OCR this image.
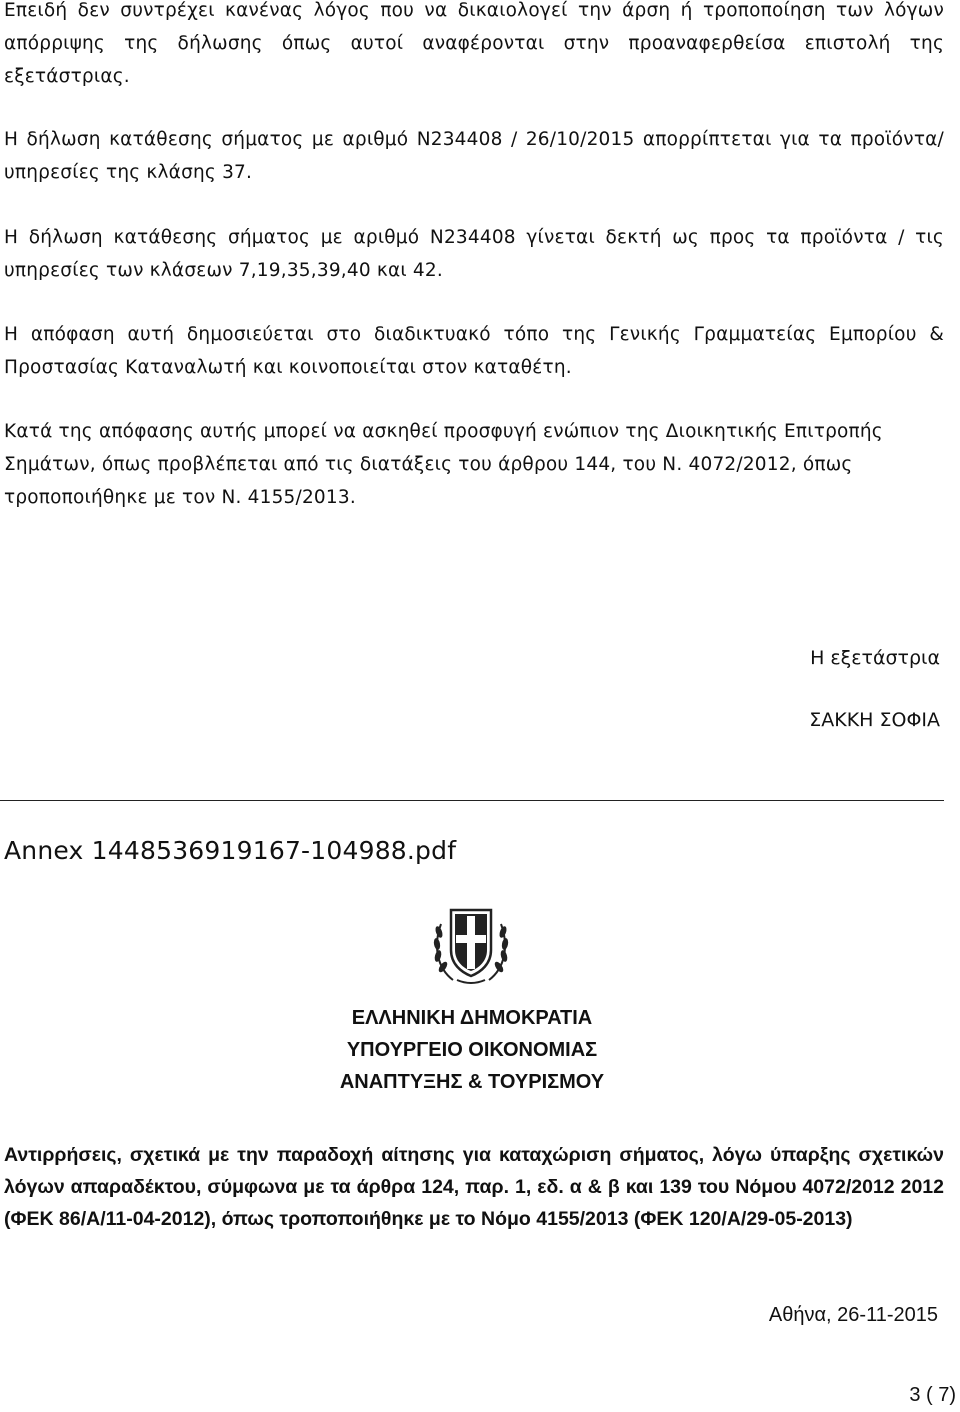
Επειδή δεν συντρέχει κανένας λόγος που να δικαιολογεί την άρση ή τροποποίηση των λόγων απόρριψης της δήλωσης όπως αυτοί αναφέρονται στην προαναφερθείσα επιστολή της εξετάστριας.

Η δήλωση κατάθεσης σήματος με αριθμό Ν234408 / 26/10/2015 απορρίπτεται για τα προϊόντα/υπηρεσίες της κλάσης 37.

Η δήλωση κατάθεσης σήματος με αριθμό Ν234408 γίνεται δεκτή ως προς τα προϊόντα / τις υπηρεσίες των κλάσεων 7,19,35,39,40 και 42.

Η απόφαση αυτή δημοσιεύεται στο διαδικτυακό τόπο της Γενικής Γραμματείας Εμπορίου & Προστασίας Καταναλωτή και κοινοποιείται στον καταθέτη.

Κατά της απόφασης αυτής μπορεί να ασκηθεί προσφυγή ενώπιον της Διοικητικής Επιτροπής Σημάτων, όπως προβλέπεται από τις διατάξεις του άρθρου 144, του Ν. 4072/2012, όπως τροποποιήθηκε με τον Ν. 4155/2013.

Η εξετάστρια
ΣΑΚΚΗ ΣΟΦΙΑ
Annex 1448536919167-104988.pdf
ΕΛΛΗΝΙΚΗ ΔΗΜΟΚΡΑΤΙΑ
ΥΠΟΥΡΓΕΙΟ ΟΙΚΟΝΟΜΙΑΣ
ΑΝΑΠΤΥΞΗΣ & ΤΟΥΡΙΣΜΟΥ

Αντιρρήσεις, σχετικά με την παραδοχή αίτησης για καταχώριση σήματος, λόγω ύπαρξης σχετικών λόγων απαραδέκτου, σύμφωνα με τα άρθρα 124, παρ. 1, εδ. α & β και 139 του Νόμου 4072/2012 2012 (ΦΕΚ 86/Α/11-04-2012), όπως τροποποιήθηκε με το Νόμο 4155/2013 (ΦΕΚ 120/Α/29-05-2013)

Αθήνα, 26-11-2015
3 ( 7)
